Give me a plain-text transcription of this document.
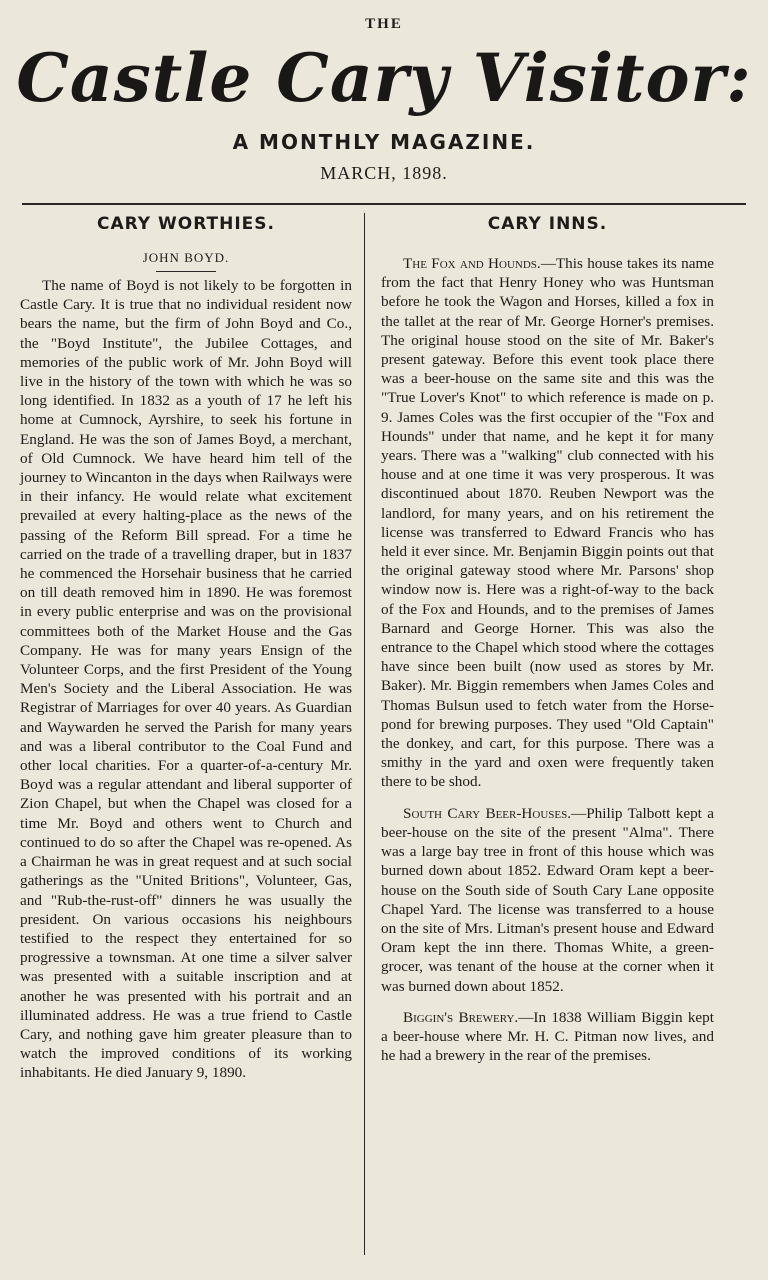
THE
Castle Cary Visitor:
A MONTHLY MAGAZINE.
MARCH, 1898.
CARY WORTHIES.
JOHN BOYD.

The name of Boyd is not likely to be forgotten in Castle Cary. It is true that no individual resident now bears the name, but the firm of John Boyd and Co., the "Boyd Institute", the Jubilee Cottages, and memories of the public work of Mr. John Boyd will live in the history of the town with which he was so long identified. In 1832 as a youth of 17 he left his home at Cumnock, Ayrshire, to seek his fortune in England. He was the son of James Boyd, a merchant, of Old Cumnock. We have heard him tell of the journey to Wincanton in the days when Railways were in their infancy. He would relate what excitement prevailed at every halting-place as the news of the passing of the Reform Bill spread. For a time he carried on the trade of a travelling draper, but in 1837 he commenced the Horsehair business that he carried on till death removed him in 1890. He was foremost in every public enterprise and was on the provisional committees both of the Market House and the Gas Company. He was for many years Ensign of the Volunteer Corps, and the first President of the Young Men's Society and the Liberal Association. He was Registrar of Marriages for over 40 years. As Guardian and Waywarden he served the Parish for many years and was a liberal contributor to the Coal Fund and other local charities. For a quarter-of-a-century Mr. Boyd was a regular attendant and liberal supporter of Zion Chapel, but when the Chapel was closed for a time Mr. Boyd and others went to Church and continued to do so after the Chapel was re-opened. As a Chairman he was in great request and at such social gatherings as the "United Britions", Volunteer, Gas, and "Rub-the-rust-off" dinners he was usually the president. On various occasions his neighbours testified to the respect they entertained for so progressive a townsman. At one time a silver salver was presented with a suitable inscription and at another he was presented with his portrait and an illuminated address. He was a true friend to Castle Cary, and nothing gave him greater pleasure than to watch the improved conditions of its working inhabitants. He died January 9, 1890.

CARY INNS.

The Fox and Hounds.—This house takes its name from the fact that Henry Honey who was Huntsman before he took the Wagon and Horses, killed a fox in the tallet at the rear of Mr. George Horner's premises. The original house stood on the site of Mr. Baker's present gateway. Before this event took place there was a beer-house on the same site and this was the "True Lover's Knot" to which reference is made on p. 9. James Coles was the first occupier of the "Fox and Hounds" under that name, and he kept it for many years. There was a "walking" club connected with his house and at one time it was very prosperous. It was discontinued about 1870. Reuben Newport was the landlord, for many years, and on his retirement the license was transferred to Edward Francis who has held it ever since. Mr. Benjamin Biggin points out that the original gateway stood where Mr. Parsons' shop window now is. Here was a right-of-way to the back of the Fox and Hounds, and to the premises of James Barnard and George Horner. This was also the entrance to the Chapel which stood where the cottages have since been built (now used as stores by Mr. Baker). Mr. Biggin remembers when James Coles and Thomas Bulsun used to fetch water from the Horse-pond for brewing purposes. They used "Old Captain" the donkey, and cart, for this purpose. There was a smithy in the yard and oxen were frequently taken there to be shod.

South Cary Beer-Houses.—Philip Talbott kept a beer-house on the site of the present "Alma". There was a large bay tree in front of this house which was burned down about 1852. Edward Oram kept a beer-house on the South side of South Cary Lane opposite Chapel Yard. The license was transferred to a house on the site of Mrs. Litman's present house and Edward Oram kept the inn there. Thomas White, a green-grocer, was tenant of the house at the corner when it was burned down about 1852.

Biggin's Brewery.—In 1838 William Biggin kept a beer-house where Mr. H. C. Pitman now lives, and he had a brewery in the rear of the premises.
